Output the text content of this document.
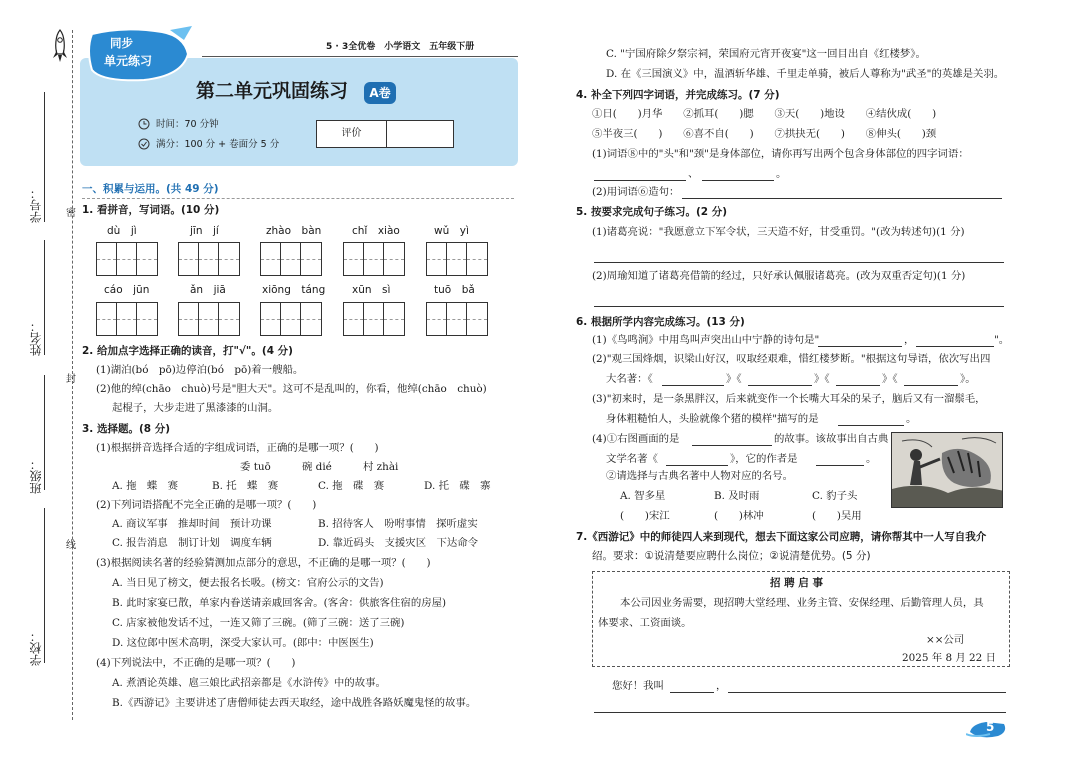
密
封
线
学号：
姓名：
班级：
学校：
同步
单元练习
5 · 3全优卷　小学语文　五年级下册
第二单元巩固练习	A卷
时间：70 分钟
满分：100 分 + 卷面分 5 分
评价
一、积累与运用。(共 49 分)
1. 看拼音，写词语。(10 分)
dù　jì	jīn　jí	zhào　bàn	chǐ　xiào	wǔ　yì
cáo　jūn	ǎn　jiā	xiōng　táng	xūn　sì	tuō　bǎ
2. 给加点字选择正确的读音，打"√"。(4 分)
(1)湖泊(bó　pō)边停泊(bó　pō)着一艘船。
(2)他的绰(chāo　chuò)号是"胆大天"。这可不是乱叫的，你看，他绰(chāo　chuò)
起棍子，大步走进了黑漆漆的山洞。
3. 选择题。(8 分)
(1)根据拼音选择合适的字组成词语，正确的是哪一项？(　　)
委 tuō　　　碗 dié　　　村 zhài
A. 拖　蝶　赛	B. 托　蝶　赛	C. 拖　碟　赛	D. 托　碟　寨
(2)下列词语搭配不完全正确的是哪一项？(　　)
A. 商议军事　推却时间　预计功课	B. 招待客人　吩咐事情　探听虚实
C. 报告消息　制订计划　调度车辆	D. 靠近码头　支援灾区　下达命令
(3)根据阅读名著的经验猜测加点部分的意思，不正确的是哪一项？(　　)
A. 当日见了榜文，便去报名长吸。(榜文：官府公示的文告)
B. 此时家宴已散，单家内眷送请亲戚回客舍。(客舍：供旅客住宿的房屋)
C. 店家被他发话不过，一连又筛了三碗。(筛了三碗：送了三碗)
D. 这位郎中医术高明，深受大家认可。(郎中：中医医生)
(4)下列说法中，不正确的是哪一项？(　　)
A. 煮酒论英雄、扈三娘比武招亲都是《水浒传》中的故事。
B.《西游记》主要讲述了唐僧师徒去西天取经，途中战胜各路妖魔鬼怪的故事。
C. "宁国府除夕祭宗祠，荣国府元宵开夜宴"这一回目出自《红楼梦》。
D. 在《三国演义》中，温酒斩华雄、千里走单骑，被后人尊称为"武圣"的英雄是关羽。
4. 补全下列四字词语，并完成练习。(7 分)
①日(　　)月华　　②抓耳(　　)腮　　③天(　　)地设　　④结伙成(　　)
⑤半夜三(　　)　　⑥喜不自(　　)　　⑦拱抉无(　　)　　⑧伸头(　　)颈
(1)词语⑧中的"头"和"颈"是身体部位，请你再写出两个包含身体部位的四字词语：
、	。
(2)用词语⑥造句：
5. 按要求完成句子练习。(2 分)
(1)诸葛亮说："我愿意立下军令状，三天造不好，甘受重罚。"(改为转述句)(1 分)
(2)周瑜知道了诸葛亮借箭的经过，只好承认佩服诸葛亮。(改为双重否定句)(1 分)
6. 根据所学内容完成练习。(13 分)
(1)《鸟鸣涧》中用鸟叫声突出山中宁静的诗句是"	，	"。
(2)"观三国烽烟，识梁山好汉，叹取经艰难，惜红楼梦断。"根据这句导语，依次写出四
大名著：《	》《	》《	》《	》。
(3)"初来时，是一条黑胖汉，后来就变作一个长嘴大耳朵的呆子，脑后又有一溜鬃毛，
身体粗糙怕人，头脸就像个猪的模样"描写的是	。
(4)①右图画面的是	的故事。该故事出自古典
文学名著《	》，它的作者是	。
②请选择与古典名著中人物对应的名号。
A. 智多星	B. 及时雨	C. 豹子头
(　　)宋江	(　　)林冲	(　　)吴用
7.《西游记》中的师徒四人来到现代，想去下面这家公司应聘，请你帮其中一人写自我介
绍。要求：①说清楚要应聘什么岗位；②说清楚优势。(5 分)
招 聘 启 事
本公司因业务需要，现招聘大堂经理、业务主管、安保经理、后勤管理人员，具
体要求、工资面谈。
××公司
2025 年 8 月 22 日
您好！我叫	，
5
